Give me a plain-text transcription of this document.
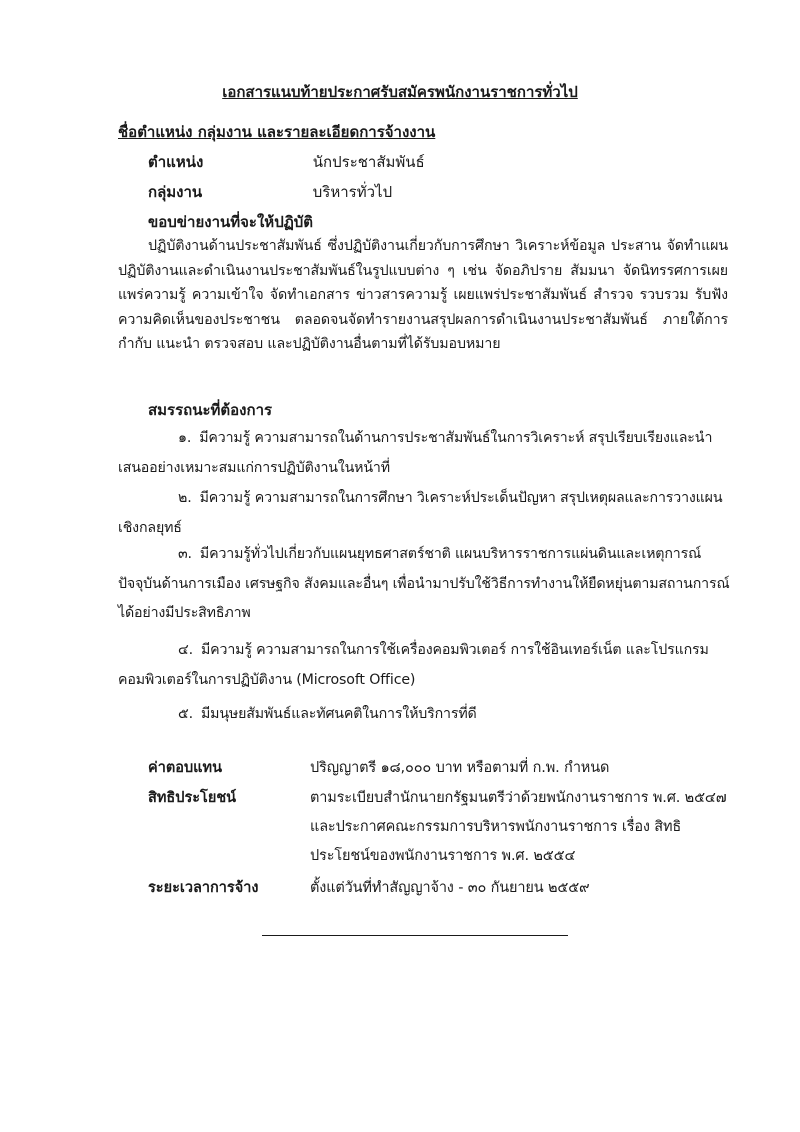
เอกสารแนบท้ายประกาศรับสมัครพนักงานราชการทั่วไป
ชื่อตำแหน่ง กลุ่มงาน และรายละเอียดการจ้างงาน
ตำแหน่ง	นักประชาสัมพันธ์
กลุ่มงาน	บริหารทั่วไป
ขอบข่ายงานที่จะให้ปฏิบัติ
ปฏิบัติงานด้านประชาสัมพันธ์ ซึ่งปฏิบัติงานเกี่ยวกับการศึกษา วิเคราะห์ข้อมูล ประสาน จัดทำแผนปฏิบัติงานและดำเนินงานประชาสัมพันธ์ในรูปแบบต่าง ๆ เช่น จัดอภิปราย สัมมนา จัดนิทรรศการเผยแพร่ความรู้ ความเข้าใจ จัดทำเอกสาร ข่าวสารความรู้ เผยแพร่ประชาสัมพันธ์ สำรวจ รวบรวม รับฟังความคิดเห็นของประชาชน ตลอดจนจัดทำรายงานสรุปผลการดำเนินงานประชาสัมพันธ์ ภายใต้การกำกับ แนะนำ ตรวจสอบ และปฏิบัติงานอื่นตามที่ได้รับมอบหมาย
สมรรถนะที่ต้องการ
๑. มีความรู้ ความสามารถในด้านการประชาสัมพันธ์ในการวิเคราะห์ สรุปเรียบเรียงและนำเสนออย่างเหมาะสมแก่การปฏิบัติงานในหน้าที่
๒. มีความรู้ ความสามารถในการศึกษา วิเคราะห์ประเด็นปัญหา สรุปเหตุผลและการวางแผนเชิงกลยุทธ์
๓. มีความรู้ทั่วไปเกี่ยวกับแผนยุทธศาสตร์ชาติ แผนบริหารราชการแผ่นดินและเหตุการณ์ปัจจุบันด้านการเมือง เศรษฐกิจ สังคมและอื่นๆ เพื่อนำมาปรับใช้วิธีการทำงานให้ยืดหยุ่นตามสถานการณ์ได้อย่างมีประสิทธิภาพ
๔. มีความรู้ ความสามารถในการใช้เครื่องคอมพิวเตอร์ การใช้อินเทอร์เน็ต และโปรแกรมคอมพิวเตอร์ในการปฏิบัติงาน (Microsoft Office)
๕. มีมนุษยสัมพันธ์และทัศนคติในการให้บริการที่ดี
ค่าตอบแทน	ปริญญาตรี ๑๘,๐๐๐ บาท หรือตามที่ ก.พ. กำหนด
สิทธิประโยชน์	ตามระเบียบสำนักนายกรัฐมนตรีว่าด้วยพนักงานราชการ พ.ศ. ๒๕๔๗ และประกาศคณะกรรมการบริหารพนักงานราชการ เรื่อง สิทธิประโยชน์ของพนักงานราชการ พ.ศ. ๒๕๕๔
ระยะเวลาการจ้าง	ตั้งแต่วันที่ทำสัญญาจ้าง - ๓๐ กันยายน ๒๕๕๙
